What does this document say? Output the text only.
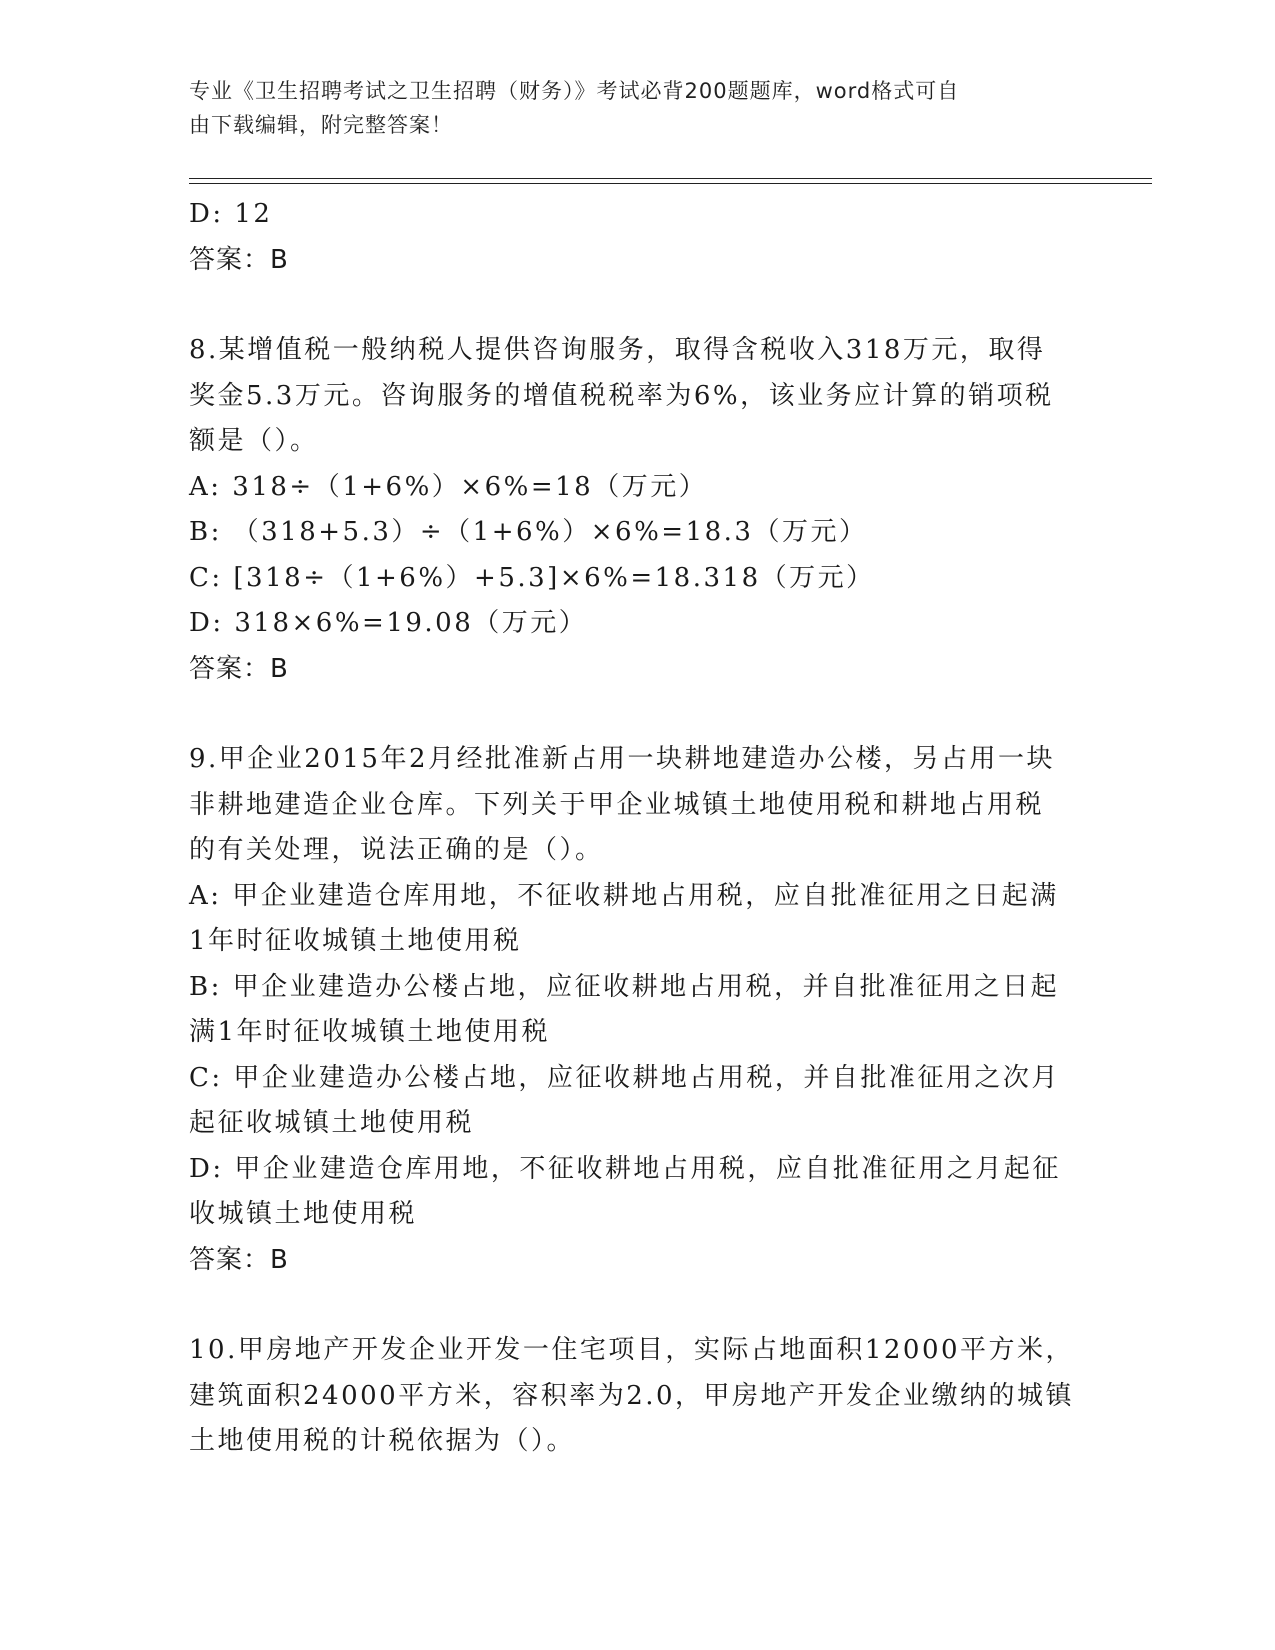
专业《卫生招聘考试之卫生招聘（财务）》考试必背200题题库，word格式可自
由下载编辑，附完整答案！
D: 12
答案：B
8.某增值税一般纳税人提供咨询服务，取得含税收入318万元，取得
奖金5.3万元。咨询服务的增值税税率为6%，该业务应计算的销项税
额是（）。
A: 318÷（1+6%）×6%=18（万元）
B: （318+5.3）÷（1+6%）×6%=18.3（万元）
C: [318÷（1+6%）+5.3]×6%=18.318（万元）
D: 318×6%=19.08（万元）
答案：B
9.甲企业2015年2月经批准新占用一块耕地建造办公楼，另占用一块
非耕地建造企业仓库。下列关于甲企业城镇土地使用税和耕地占用税
的有关处理，说法正确的是（）。
A: 甲企业建造仓库用地，不征收耕地占用税，应自批准征用之日起满
1年时征收城镇土地使用税
B: 甲企业建造办公楼占地，应征收耕地占用税，并自批准征用之日起
满1年时征收城镇土地使用税
C: 甲企业建造办公楼占地，应征收耕地占用税，并自批准征用之次月
起征收城镇土地使用税
D: 甲企业建造仓库用地，不征收耕地占用税，应自批准征用之月起征
收城镇土地使用税
答案：B
10.甲房地产开发企业开发一住宅项目，实际占地面积12000平方米，
建筑面积24000平方米，容积率为2.0，甲房地产开发企业缴纳的城镇
土地使用税的计税依据为（）。
